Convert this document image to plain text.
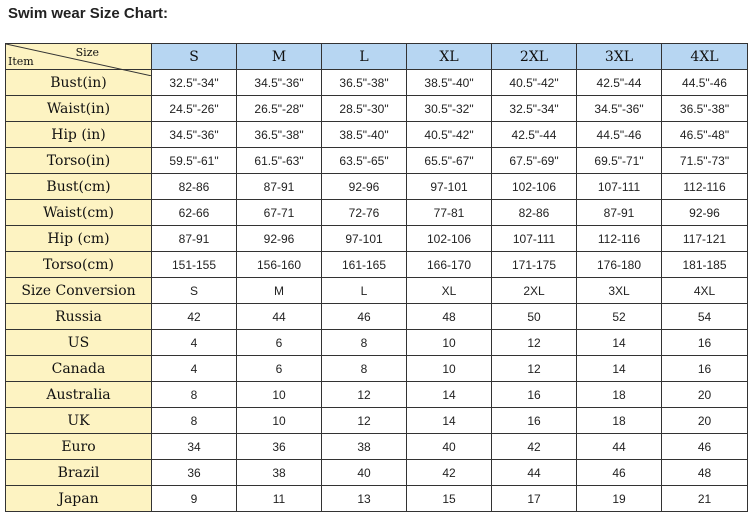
Swim wear Size Chart:
Size
Item	S	M	L	XL	2XL	3XL	4XL
Bust(in)	32.5"-34"	34.5"-36"	36.5"-38"	38.5"-40"	40.5"-42"	42.5"-44	44.5"-46
Waist(in)	24.5"-26"	26.5"-28"	28.5"-30"	30.5"-32"	32.5"-34"	34.5"-36"	36.5"-38"
Hip (in)	34.5"-36"	36.5"-38"	38.5"-40"	40.5"-42"	42.5"-44	44.5"-46	46.5"-48"
Torso(in)	59.5"-61"	61.5"-63"	63.5"-65"	65.5"-67"	67.5"-69"	69.5"-71"	71.5"-73"
Bust(cm)	82-86	87-91	92-96	97-101	102-106	107-111	112-116
Waist(cm)	62-66	67-71	72-76	77-81	82-86	87-91	92-96
Hip (cm)	87-91	92-96	97-101	102-106	107-111	112-116	117-121
Torso(cm)	151-155	156-160	161-165	166-170	171-175	176-180	181-185
Size Conversion	S	M	L	XL	2XL	3XL	4XL
Russia	42	44	46	48	50	52	54
US	4	6	8	10	12	14	16
Canada	4	6	8	10	12	14	16
Australia	8	10	12	14	16	18	20
UK	8	10	12	14	16	18	20
Euro	34	36	38	40	42	44	46
Brazil	36	38	40	42	44	46	48
Japan	9	11	13	15	17	19	21
